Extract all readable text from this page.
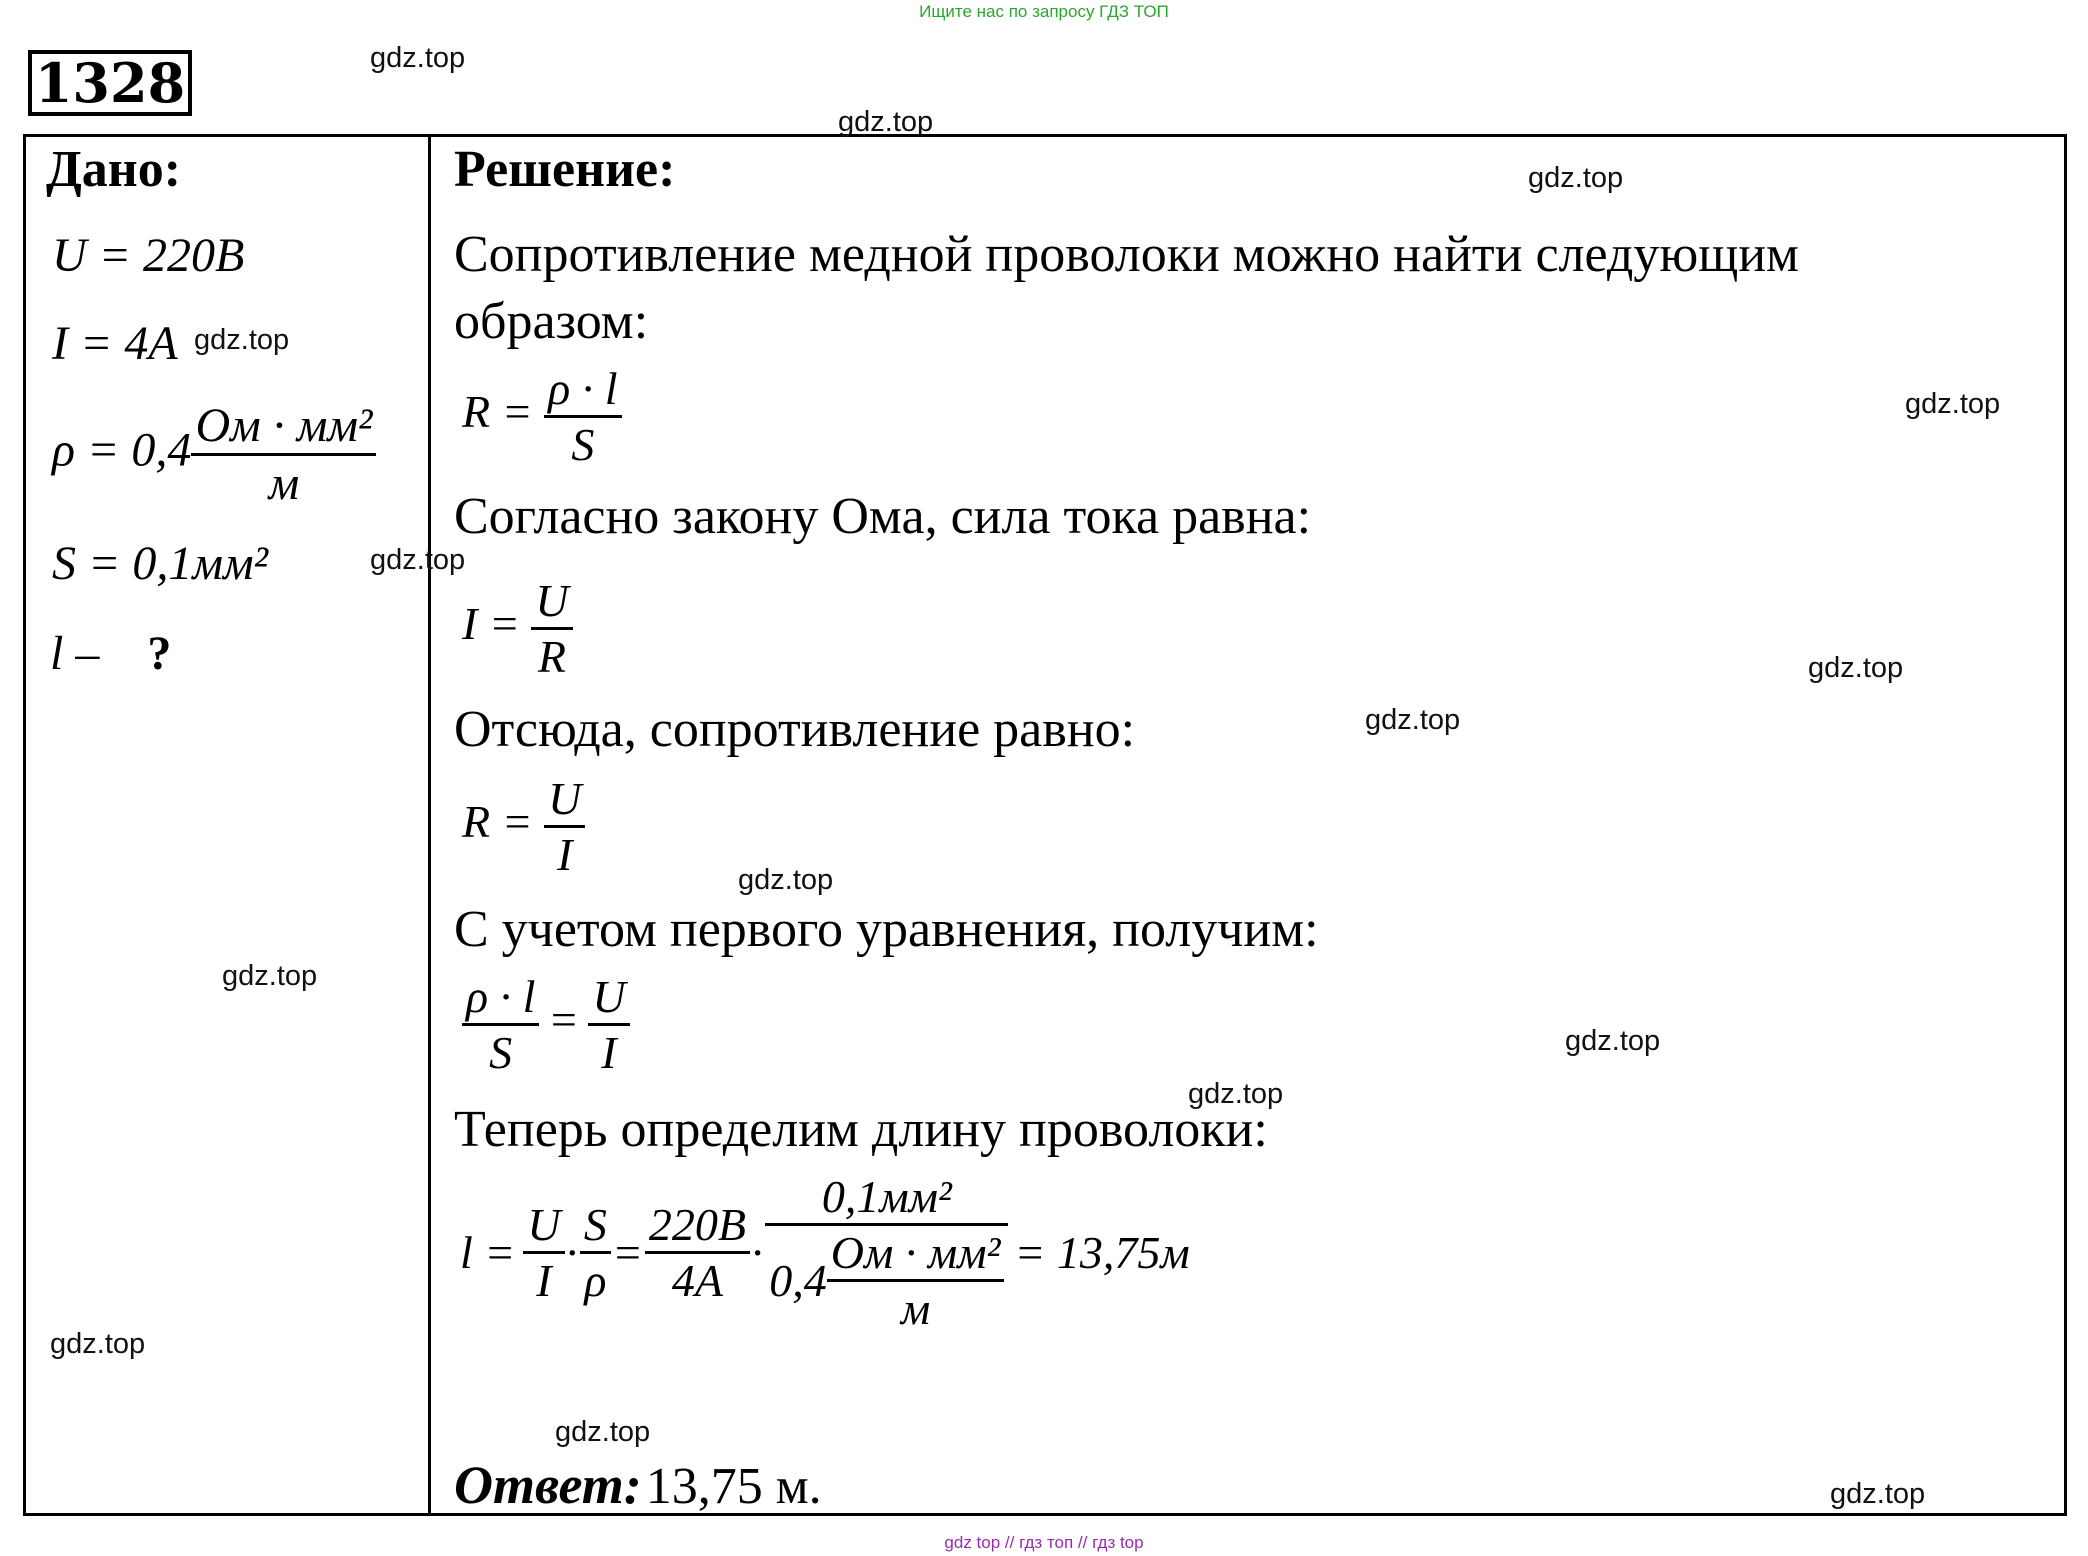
Ищите нас по запросу ГДЗ ТОП
gdz top // гдз топ // гдз top
1328
Дано:
U = 220B
I = 4A
$\rho = 0,4 \frac{\text{Ом · мм²}}{м}$
S = 0,1мм²
l – ?
Решение:
Сопротивление медной проволоки можно найти следующим
образом:
$R = \frac{\rho \cdot l}{S}$
Согласно закону Ома, сила тока равна:
$I = \frac{U}{R}$
Отсюда, сопротивление равно:
$R = \frac{U}{I}$
С учетом первого уравнения, получим:
$\frac{\rho \cdot l}{S} = \frac{U}{I}$
Теперь определим длину проволоки:
$l = \frac{U}{I} \cdot \frac{S}{\rho} = \frac{220B}{4A} \cdot \frac{\text{0,1мм²}}{0,4 \frac{\text{Ом · мм²}}{м}} = 13,75м$
Ответ: 13,75 м.
gdz.top
gdz.top
gdz.top
gdz.top
gdz.top
gdz.top
gdz.top
gdz.top
gdz.top
gdz.top
gdz.top
gdz.top
gdz.top
gdz.top
gdz.top
